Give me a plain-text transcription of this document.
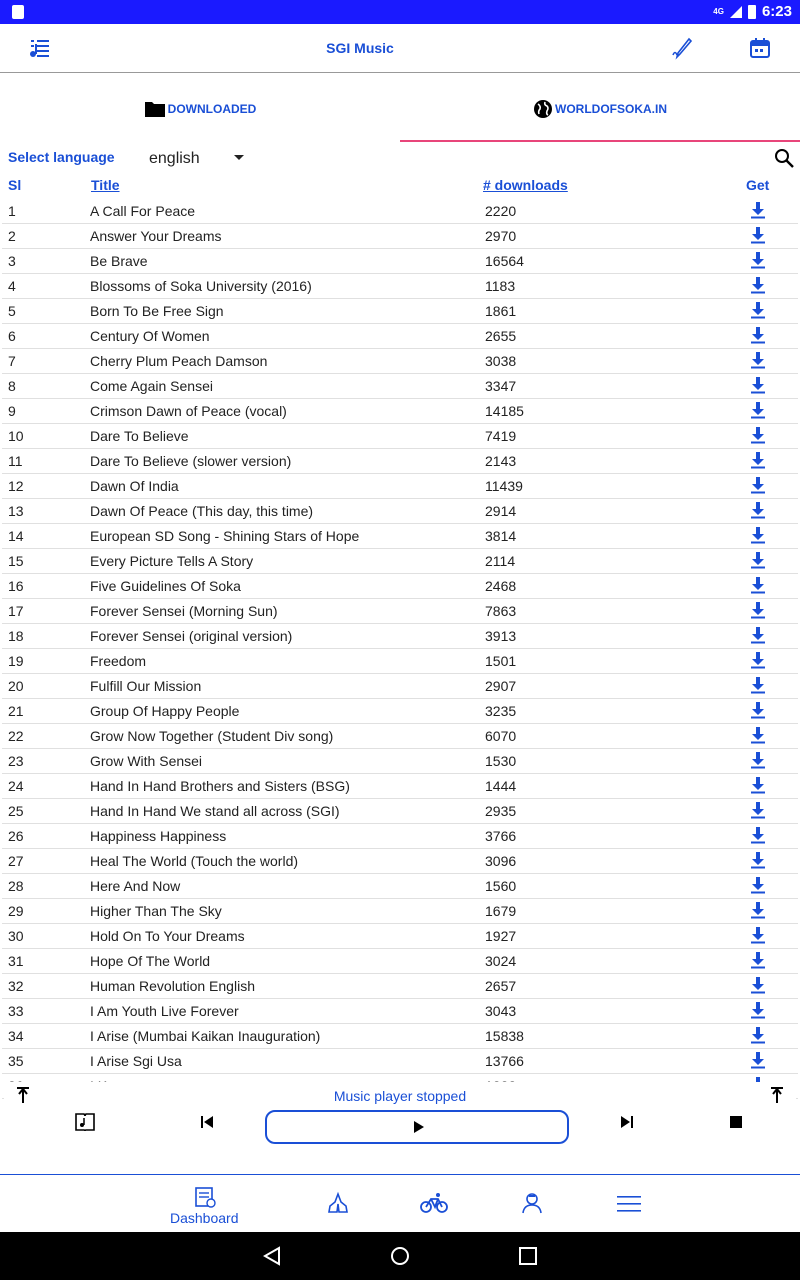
4G	6:23
SGI Music
DOWNLOADED	WORLDOFSOKA.IN
Select language english
Sl	Title	# downloads	Get
1	A Call For Peace	2220
2	Answer Your Dreams	2970
3	Be Brave	16564
4	Blossoms of Soka University (2016)	1183
5	Born To Be Free Sign	1861
6	Century Of Women	2655
7	Cherry Plum Peach Damson	3038
8	Come Again Sensei	3347
9	Crimson Dawn of Peace (vocal)	14185
10	Dare To Believe	7419
11	Dare To Believe (slower version)	2143
12	Dawn Of India	11439
13	Dawn Of Peace (This day, this time)	2914
14	European SD Song - Shining Stars of Hope	3814
15	Every Picture Tells A Story	2114
16	Five Guidelines Of Soka	2468
17	Forever Sensei (Morning Sun)	7863
18	Forever Sensei (original version)	3913
19	Freedom	1501
20	Fulfill Our Mission	2907
21	Group Of Happy People	3235
22	Grow Now Together (Student Div song)	6070
23	Grow With Sensei	1530
24	Hand In Hand Brothers and Sisters (BSG)	1444
25	Hand In Hand We stand all across (SGI)	2935
26	Happiness Happiness	3766
27	Heal The World (Touch the world)	3096
28	Here And Now	1560
29	Higher Than The Sky	1679
30	Hold On To Your Dreams	1927
31	Hope Of The World	3024
32	Human Revolution English	2657
33	I Am Youth Live Forever	3043
34	I Arise (Mumbai Kaikan Inauguration)	15838
35	I Arise Sgi Usa	13766
Music player stopped
Dashboard
